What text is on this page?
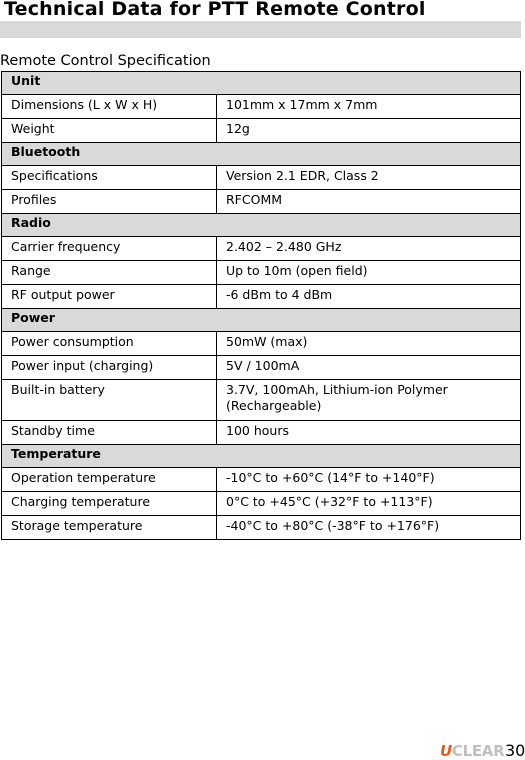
Technical Data for PTT Remote Control
Remote Control Specification
Unit	
Dimensions (L x W x H)	101mm x 17mm x 7mm
Weight	12g
Bluetooth	
Specifications	Version 2.1 EDR, Class 2
Profiles	RFCOMM
Radio	
Carrier frequency	2.402 – 2.480 GHz
Range	Up to 10m (open field)
RF output power	-6 dBm to 4 dBm
Power	
Power consumption	50mW (max)
Power input (charging)	5V / 100mA
Built-in battery	3.7V, 100mAh, Lithium-ion Polymer (Rechargeable)
Standby time	100 hours
Temperature	
Operation temperature	-10°C to +60°C (14°F to +140°F)
Charging temperature	0°C to +45°C (+32°F to +113°F)
Storage temperature	-40°C to +80°C (-38°F to +176°F)
UCLEAR 30
